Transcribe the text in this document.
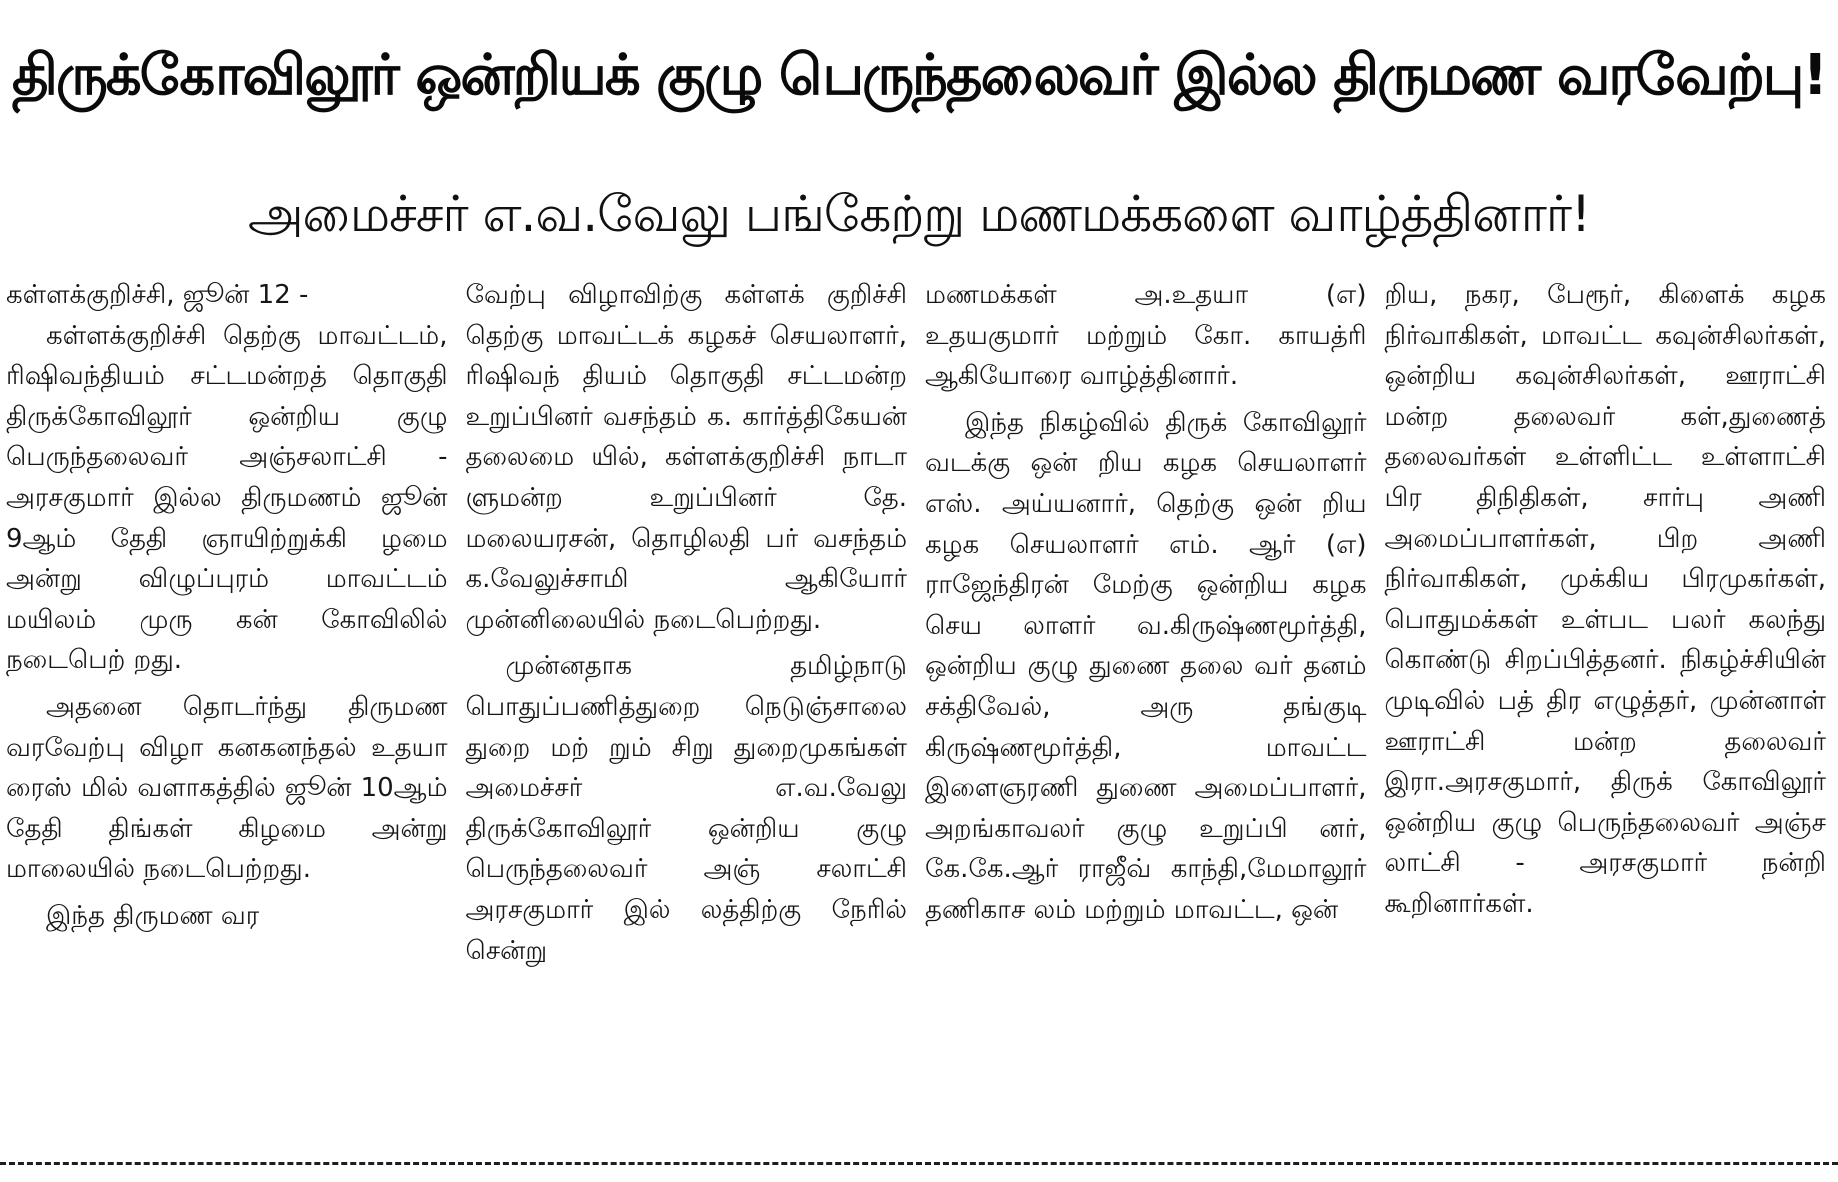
திருக்கோவிலூர் ஒன்றியக் குழு பெருந்தலைவர் இல்ல திருமண வரவேற்பு!
அமைச்சர் எ.வ.வேலு பங்கேற்று மணமக்களை வாழ்த்தினார்!

கள்ளக்குறிச்சி, ஜூன் 12 -

கள்ளக்குறிச்சி தெற்கு மாவட்டம், ரிஷிவந்தியம் சட்டமன்றத் தொகுதி திருக்கோவிலூர் ஒன்றிய குழு பெருந்தலைவர் அஞ்சலாட்சி - அரசகுமார் இல்ல திருமணம் ஜூன் 9ஆம் தேதி ஞாயிற்றுக்கி ழமை அன்று விழுப்புரம் மாவட்டம் மயிலம் முரு கன் கோவிலில் நடைபெற் றது.

அதனை தொடர்ந்து திருமண வரவேற்பு விழா கனகனந்தல் உதயா ரைஸ் மில் வளாகத்தில் ஜூன் 10ஆம் தேதி திங்கள் கிழமை அன்று மாலையில் நடைபெற்றது.

இந்த திருமண வர

வேற்பு விழாவிற்கு கள்ளக் குறிச்சி தெற்கு மாவட்டக் கழகச் செயலாளர், ரிஷிவந் தியம் தொகுதி சட்டமன்ற உறுப்பினர் வசந்தம் க. கார்த்திகேயன் தலைமை யில், கள்ளக்குறிச்சி நாடா ளுமன்ற உறுப்பினர் தே. மலையரசன், தொழிலதி பர் வசந்தம் க.வேலுச்சாமி ஆகியோர் முன்னிலையில் நடைபெற்றது.

முன்னதாக தமிழ்நாடு பொதுப்பணித்துறை நெடுஞ்சாலை துறை மற் றும் சிறு துறைமுகங்கள் அமைச்சர் எ.வ.வேலு திருக்கோவிலூர் ஒன்றிய குழு பெருந்தலைவர் அஞ் சலாட்சி அரசகுமார் இல் லத்திற்கு நேரில் சென்று

மணமக்கள் அ.உதயா (எ) உதயகுமார் மற்றும் கோ. காயத்ரி ஆகியோரை வாழ்த்தினார்.

இந்த நிகழ்வில் திருக் கோவிலூர் வடக்கு ஒன் றிய கழக செயலாளர் எஸ். அய்யனார், தெற்கு ஒன் றிய கழக செயலாளர் எம். ஆர் (எ) ராஜேந்திரன் மேற்கு ஒன்றிய கழக செய லாளர் வ.கிருஷ்ணமூர்த்தி, ஒன்றிய குழு துணை தலை வர் தனம் சக்திவேல், அரு தங்குடி கிருஷ்ணமூர்த்தி, மாவட்ட இளைஞரணி துணை அமைப்பாளர், அறங்காவலர் குழு உறுப்பி னர், கே.கே.ஆர் ராஜீவ் காந்தி,மேமாலூர் தணிகாச லம் மற்றும் மாவட்ட, ஒன்

றிய, நகர, பேரூர், கிளைக் கழக நிர்வாகிகள், மாவட்ட கவுன்சிலர்கள், ஒன்றிய கவுன்சிலர்கள், ஊராட்சி மன்ற தலைவர் கள்,துணைத் தலைவர்கள் உள்ளிட்ட உள்ளாட்சி பிர திநிதிகள், சார்பு அணி அமைப்பாளர்கள், பிற அணி நிர்வாகிகள், முக்கிய பிரமுகர்கள், பொதுமக்கள் உள்பட பலர் கலந்து கொண்டு சிறப்பித்தனர். நிகழ்ச்சியின் முடிவில் பத் திர எழுத்தர், முன்னாள் ஊராட்சி மன்ற தலைவர் இரா.அரசகுமார், திருக் கோவிலூர் ஒன்றிய குழு பெருந்தலைவர் அஞ்ச லாட்சி - அரசகுமார் நன்றி கூறினார்கள்.
